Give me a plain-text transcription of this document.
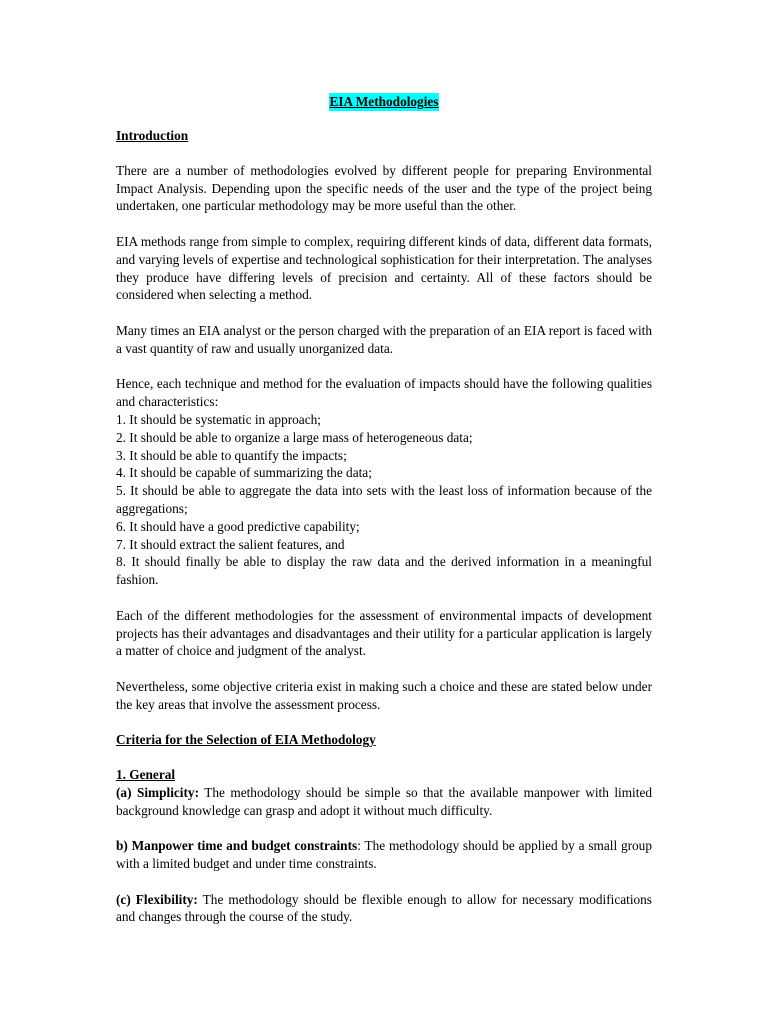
EIA Methodologies
Introduction

There are a number of methodologies evolved by different people for preparing Environmental Impact Analysis. Depending upon the specific needs of the user and the type of the project being undertaken, one particular methodology may be more useful than the other.

EIA methods range from simple to complex, requiring different kinds of data, different data formats, and varying levels of expertise and technological sophistication for their interpretation. The analyses they produce have differing levels of precision and certainty. All of these factors should be considered when selecting a method.

Many times an EIA analyst or the person charged with the preparation of an EIA report is faced with a vast quantity of raw and usually unorganized data.

Hence, each technique and method for the evaluation of impacts should have the following qualities and characteristics:

1. It should be systematic in approach;
2. It should be able to organize a large mass of heterogeneous data;
3. It should be able to quantify the impacts;
4. It should be capable of summarizing the data;
5. It should be able to aggregate the data into sets with the least loss of information because of the aggregations;
6. It should have a good predictive capability;
7. It should extract the salient features, and
8. It should finally be able to display the raw data and the derived information in a meaningful fashion.

Each of the different methodologies for the assessment of environmental impacts of development projects has their advantages and disadvantages and their utility for a particular application is largely a matter of choice and judgment of the analyst.

Nevertheless, some objective criteria exist in making such a choice and these are stated below under the key areas that involve the assessment process.

Criteria for the Selection of EIA Methodology
1. General

(a) Simplicity: The methodology should be simple so that the available manpower with limited background knowledge can grasp and adopt it without much difficulty.

b) Manpower time and budget constraints: The methodology should be applied by a small group with a limited budget and under time constraints.

(c) Flexibility: The methodology should be flexible enough to allow for necessary modifications and changes through the course of the study.
